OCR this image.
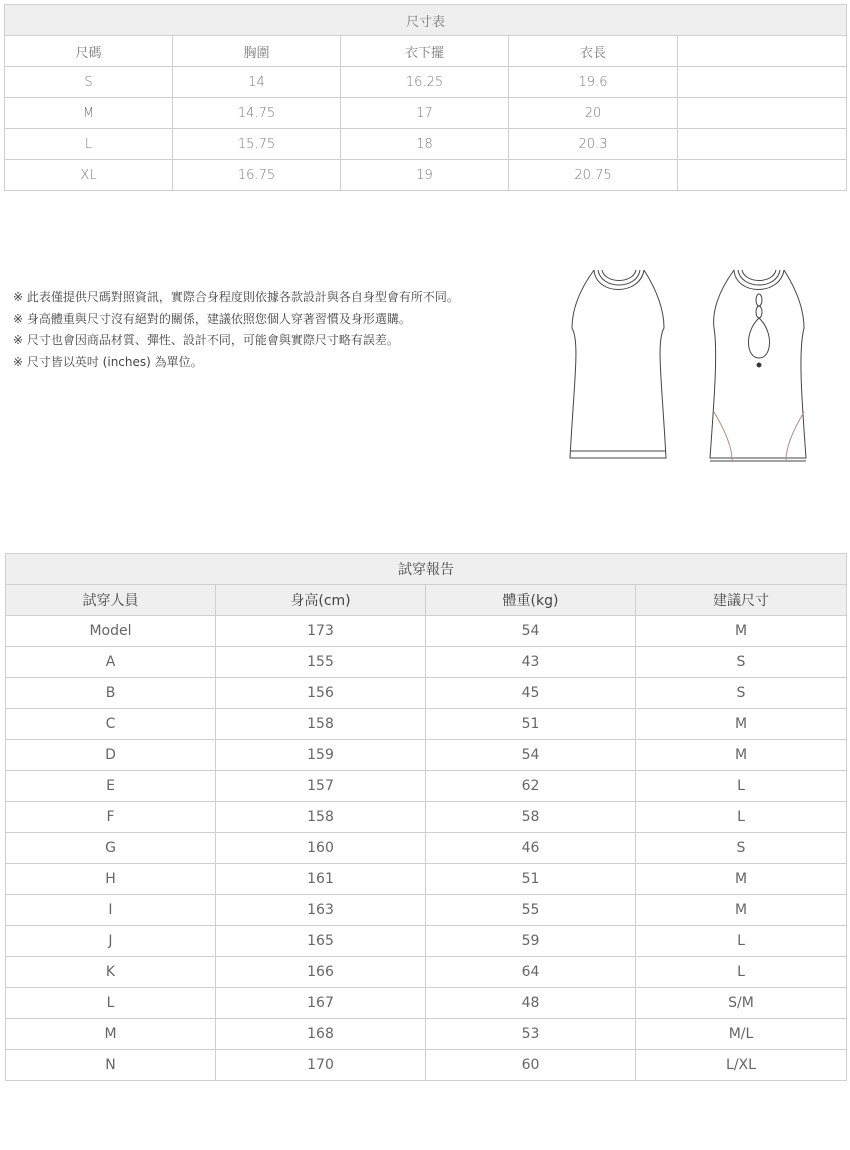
尺寸表				
尺碼	胸圍	衣下擺	衣長	
S	14	16.25	19.6	
M	14.75	17	20	
L	15.75	18	20.3	
XL	16.75	19	20.75	
※ 此表僅提供尺碼對照資訊，實際合身程度則依據各款設計與各自身型會有所不同。
※ 身高體重與尺寸沒有絕對的關係，建議依照您個人穿著習慣及身形選購。
※ 尺寸也會因商品材質、彈性、設計不同，可能會與實際尺寸略有誤差。
※ 尺寸皆以英吋 (inches) 為單位。
試穿報告			
試穿人員	身高(cm)	體重(kg)	建議尺寸
Model	173	54	M
A	155	43	S
B	156	45	S
C	158	51	M
D	159	54	M
E	157	62	L
F	158	58	L
G	160	46	S
H	161	51	M
I	163	55	M
J	165	59	L
K	166	64	L
L	167	48	S/M
M	168	53	M/L
N	170	60	L/XL
